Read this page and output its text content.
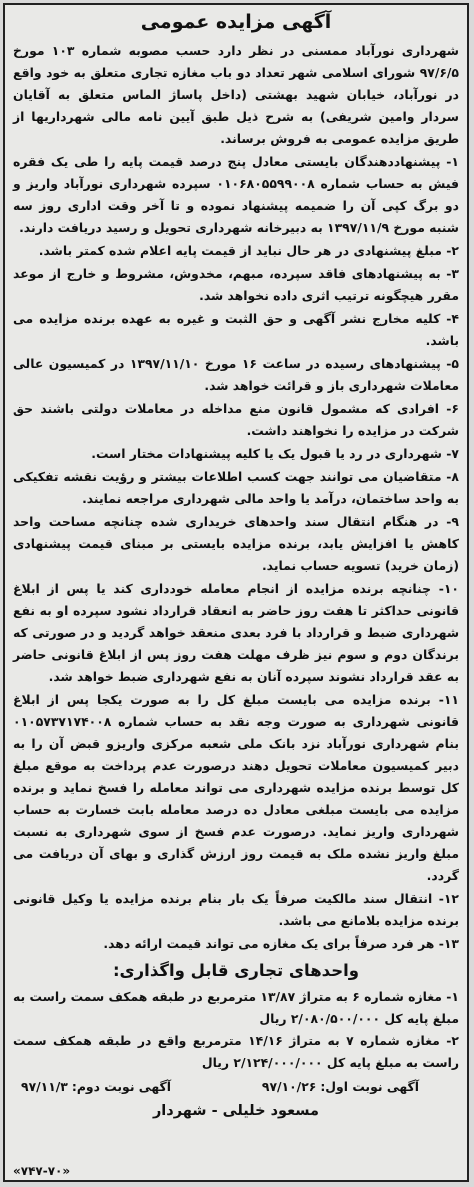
آگهی مزایده عمومی

شهرداری نورآباد ممسنی در نظر دارد حسب مصوبه شماره ۱۰۳ مورخ ۹۷/۶/۵ شورای اسلامی شهر تعداد دو باب مغازه تجاری متعلق به خود واقع در نورآباد، خیابان شهید بهشتی (داخل پاساژ الماس متعلق به آقایان سردار وامین شریفی) به شرح ذیل طبق آیین نامه مالی شهرداریها از طریق مزایده عمومی به فروش برساند.

۱- پیشنهاددهندگان بایستی معادل پنج درصد قیمت پایه را طی یک فقره فیش به حساب شماره ۰۱۰۶۸۰۵۵۹۹۰۰۸ سپرده شهرداری نورآباد واریز و دو برگ کپی آن را ضمیمه پیشنهاد نموده و تا آخر وقت اداری روز سه شنبه مورخ ۱۳۹۷/۱۱/۹ به دبیرخانه شهرداری تحویل و رسید دریافت دارند.

۲- مبلغ پیشنهادی در هر حال نباید از قیمت پایه اعلام شده کمتر باشد.

۳- به پیشنهادهای فاقد سپرده، مبهم، مخدوش، مشروط و خارج از موعد مقرر هیچگونه ترتیب اثری داده نخواهد شد.

۴- کلیه مخارج نشر آگهی و حق الثبت و غیره به عهده برنده مزایده می باشد.

۵- پیشنهادهای رسیده در ساعت ۱۶ مورخ ۱۳۹۷/۱۱/۱۰ در کمیسیون عالی معاملات شهرداری باز و قرائت خواهد شد.

۶- افرادی که مشمول قانون منع مداخله در معاملات دولتی باشند حق شرکت در مزایده را نخواهند داشت.

۷- شهرداری در رد یا قبول یک یا کلیه پیشنهادات مختار است.

۸- متقاضیان می توانند جهت کسب اطلاعات بیشتر و رؤیت نقشه تفکیکی به واحد ساختمان، درآمد یا واحد مالی شهرداری مراجعه نمایند.

۹- در هنگام انتقال سند واحدهای خریداری شده چنانچه مساحت واحد کاهش یا افزایش یابد، برنده مزایده بایستی بر مبنای قیمت پیشنهادی (زمان خرید) تسویه حساب نماید.

۱۰- چنانچه برنده مزایده از انجام معامله خودداری کند یا پس از ابلاغ قانونی حداکثر تا هفت روز حاضر به انعقاد قرارداد نشود سپرده او به نفع شهرداری ضبط و قرارداد با فرد بعدی منعقد خواهد گردید و در صورتی که برندگان دوم و سوم نیز ظرف مهلت هفت روز پس از ابلاغ قانونی حاضر به عقد قرارداد نشوند سپرده آنان به نفع شهرداری ضبط خواهد شد.

۱۱- برنده مزایده می بایست مبلغ کل را به صورت یکجا پس از ابلاغ قانونی شهرداری به صورت وجه نقد به حساب شماره ۰۱۰۵۷۳۷۱۷۴۰۰۸ بنام شهرداری نورآباد نزد بانک ملی شعبه مرکزی واریزو قبض آن را به دبیر کمیسیون معاملات تحویل دهند درصورت عدم پرداخت به موقع مبلغ کل توسط برنده مزایده شهرداری می تواند معامله را فسخ نماید و برنده مزایده می بایست مبلغی معادل ده درصد معامله بابت خسارت به حساب شهرداری واریز نماید. درصورت عدم فسخ از سوی شهرداری به نسبت مبلغ واریز نشده ملک به قیمت روز ارزش گذاری و بهای آن دریافت می گردد.

۱۲- انتقال سند مالکیت صرفاً یک بار بنام برنده مزایده یا وکیل قانونی برنده مزایده بلامانع می باشد.

۱۳- هر فرد صرفاً برای یک مغازه می تواند قیمت ارائه دهد.

واحدهای تجاری قابل واگذاری:

۱- مغازه شماره ۶ به متراژ ۱۳/۸۷ مترمربع در طبقه همکف سمت راست به مبلغ پایه کل ۲/۰۸۰/۵۰۰/۰۰۰ ریال

۲- مغازه شماره ۷ به متراژ ۱۴/۱۶ مترمربع واقع در طبقه همکف سمت راست به مبلغ پایه کل ۲/۱۲۴/۰۰۰/۰۰۰ ریال

آگهی نوبت اول:۹۷/۱۰/۲۶
آگهی نوبت دوم:۹۷/۱۱/۳
مسعود خلیلی - شهردار
«۷۴۷-۷۰»
